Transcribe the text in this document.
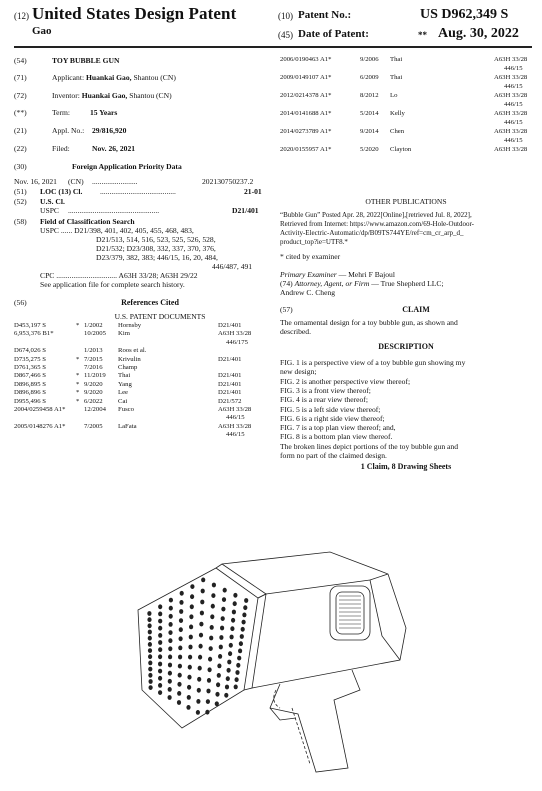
(12) United States Design Patent
Gao
(10) Patent No.:	US D962,349 S
(45) Date of Patent:	** Aug. 30, 2022
(54)	TOY BUBBLE GUN
(71)	Applicant: Huankai Gao, Shantou (CN)
(72)	Inventor: Huankai Gao, Shantou (CN)
(**)	Term:	15 Years
(21)	Appl. No.: 29/816,920
(22)	Filed:	Nov. 26, 2021
(30)	Foreign Application Priority Data
Nov. 16, 2021 (CN) ........................	202130750237.2
(51) LOC (13) Cl. ........................................	21-01
(52) U.S. Cl.
USPC ................................................	D21/401
(58) Field of Classification Search
USPC ...... D21/398, 401, 402, 405, 455, 468, 483,
D21/513, 514, 516, 523, 525, 526, 528,
D21/532; D23/308, 332, 337, 370, 376,
D23/379, 382, 383; 446/15, 16, 20, 484,
446/487, 491
CPC ................................ A63H 33/28; A63H 29/22
See application file for complete search history.
(56)	References Cited
U.S. PATENT DOCUMENTS
D453,197 S	* 1/2002 Hornsby	D21/401
6,953,376 B1*	10/2005 Kim	A63H 33/28
446/175
D674,026 S	1/2013 Roos et al.
D735,275 S	* 7/2015 Krivulin	D21/401
D761,365 S	7/2016 Champ
D867,466 S	* 11/2019 Thai	D21/401
D896,895 S	* 9/2020 Yang	D21/401
D896,896 S	* 9/2020 Lee	D21/401
D955,496 S	* 6/2022 Cai	D21/572
2004/0259458 A1*	12/2004 Fusco	A63H 33/28
446/15
2005/0148276 A1*	7/2005 LaFata	A63H 33/28
446/15
2006/0190463 A1*	9/2006 Thai	A63H 33/28
446/15
2009/0149107 A1*	6/2009 Thai	A63H 33/28
446/15
2012/0214378 A1*	8/2012 Lo	A63H 33/28
446/15
2014/0141688 A1*	5/2014 Kelly	A63H 33/28
446/15
2014/0273789 A1*	9/2014 Chen	A63H 33/28
446/15
2020/0155957 A1*	5/2020 Clayton	A63H 33/28
OTHER PUBLICATIONS
“Bubble Gun” Posted Apr. 28, 2022[Online],[retrieved Jul. 8, 2022],
Retrieved from Internet: https://www.amazon.com/69-Hole-Outdoor-
Activity-Electric-Automatic/dp/B09TS744YE/ref=cm_cr_arp_d_
product_top?ie=UTF8.*
* cited by examiner
Primary Examiner — Mehri F Bajoul
(74) Attorney, Agent, or Firm — True Shepherd LLC;
Andrew C. Cheng
(57)	CLAIM
The ornamental design for a toy bubble gun, as shown and
described.
DESCRIPTION
FIG. 1 is a perspective view of a toy bubble gun showing my
new design;
FIG. 2 is another perspective view thereof;
FIG. 3 is a front view thereof;
FIG. 4 is a rear view thereof;
FIG. 5 is a left side view thereof;
FIG. 6 is a right side view thereof;
FIG. 7 is a top plan view thereof; and,
FIG. 8 is a bottom plan view thereof.
The broken lines depict portions of the toy bubble gun and
form no part of the claimed design.
1 Claim, 8 Drawing Sheets
